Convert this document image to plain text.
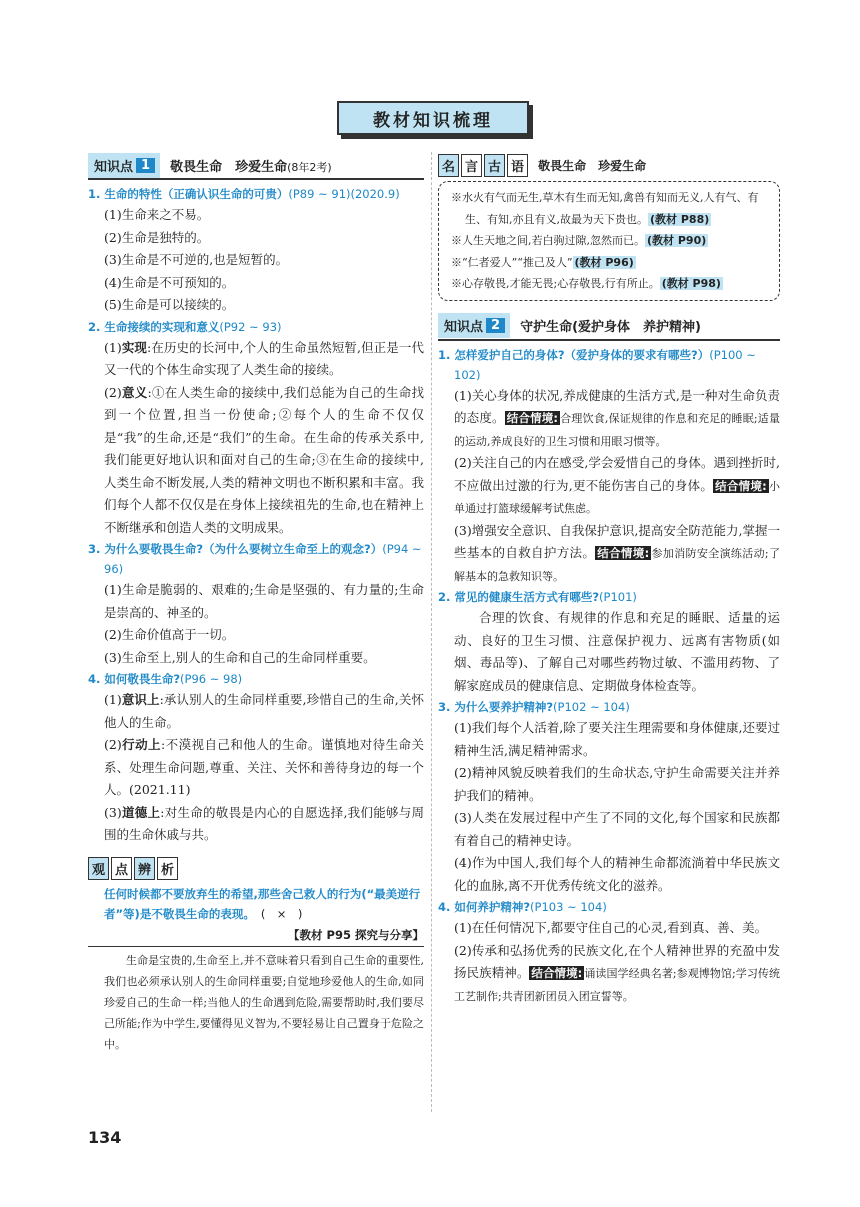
教材知识梳理
知识点 1	敬畏生命　珍爱生命(8年2考)
1. 生命的特性（正确认识生命的可贵）(P89 ~ 91)(2020.9)
(1)生命来之不易。
(2)生命是独特的。
(3)生命是不可逆的,也是短暂的。
(4)生命是不可预知的。
(5)生命是可以接续的。
2. 生命接续的实现和意义(P92 ~ 93)
(1)实现:在历史的长河中,个人的生命虽然短暂,但正是一代又一代的个体生命实现了人类生命的接续。
(2)意义:①在人类生命的接续中,我们总能为自己的生命找到一个位置,担当一份使命;②每个人的生命不仅仅是“我”的生命,还是“我们”的生命。在生命的传承关系中,我们能更好地认识和面对自己的生命;③在生命的接续中,人类生命不断发展,人类的精神文明也不断积累和丰富。我们每个人都不仅仅是在身体上接续祖先的生命,也在精神上不断继承和创造人类的文明成果。
3. 为什么要敬畏生命?（为什么要树立生命至上的观念?）(P94 ~ 96)
(1)生命是脆弱的、艰难的;生命是坚强的、有力量的;生命是崇高的、神圣的。
(2)生命价值高于一切。
(3)生命至上,别人的生命和自己的生命同样重要。
4. 如何敬畏生命?(P96 ~ 98)
(1)意识上:承认别人的生命同样重要,珍惜自己的生命,关怀他人的生命。
(2)行动上:不漠视自己和他人的生命。谨慎地对待生命关系、处理生命问题,尊重、关注、关怀和善待身边的每一个人。(2021.11)
(3)道德上:对生命的敬畏是内心的自愿选择,我们能够与周围的生命休戚与共。
观 点 辨 析
任何时候都不要放弃生的希望,那些舍己救人的行为(“最美逆行者”等)是不敬畏生命的表现。 (　×　)
【教材 P95 探究与分享】
生命是宝贵的,生命至上,并不意味着只看到自己生命的重要性,我们也必须承认别人的生命同样重要;自觉地珍爱他人的生命,如同珍爱自己的生命一样;当他人的生命遇到危险,需要帮助时,我们要尽己所能;作为中学生,要懂得见义智为,不要轻易让自己置身于危险之中。
名 言 古 语	敬畏生命　珍爱生命
※水火有气而无生,草木有生而无知,禽兽有知而无义,人有气、有生、有知,亦且有义,故最为天下贵也。 (教材 P88)
※人生天地之间,若白驹过隙,忽然而已。 (教材 P90)
※“仁者爱人”“推己及人” (教材 P96)
※心存敬畏,才能无畏;心存敬畏,行有所止。 (教材 P98)
知识点 2	守护生命(爱护身体　养护精神)
1. 怎样爱护自己的身体?（爱护身体的要求有哪些?）(P100 ~ 102)
(1)关心身体的状况,养成健康的生活方式,是一种对生命负责的态度。 结合情境: 合理饮食,保证规律的作息和充足的睡眠;适量的运动,养成良好的卫生习惯和用眼习惯等。
(2)关注自己的内在感受,学会爱惜自己的身体。遇到挫折时,不应做出过激的行为,更不能伤害自己的身体。 结合情境: 小单通过打篮球缓解考试焦虑。
(3)增强安全意识、自我保护意识,提高安全防范能力,掌握一些基本的自救自护方法。 结合情境: 参加消防安全演练活动;了解基本的急救知识等。
2. 常见的健康生活方式有哪些?(P101)
合理的饮食、有规律的作息和充足的睡眠、适量的运动、良好的卫生习惯、注意保护视力、远离有害物质(如烟、毒品等)、了解自己对哪些药物过敏、不滥用药物、了解家庭成员的健康信息、定期做身体检查等。
3. 为什么要养护精神?(P102 ~ 104)
(1)我们每个人活着,除了要关注生理需要和身体健康,还要过精神生活,满足精神需求。
(2)精神风貌反映着我们的生命状态,守护生命需要关注并养护我们的精神。
(3)人类在发展过程中产生了不同的文化,每个国家和民族都有着自己的精神史诗。
(4)作为中国人,我们每个人的精神生命都流淌着中华民族文化的血脉,离不开优秀传统文化的滋养。
4. 如何养护精神?(P103 ~ 104)
(1)在任何情况下,都要守住自己的心灵,看到真、善、美。
(2)传承和弘扬优秀的民族文化,在个人精神世界的充盈中发扬民族精神。 结合情境: 诵读国学经典名著;参观博物馆;学习传统工艺制作;共青团新团员入团宣誓等。
134
